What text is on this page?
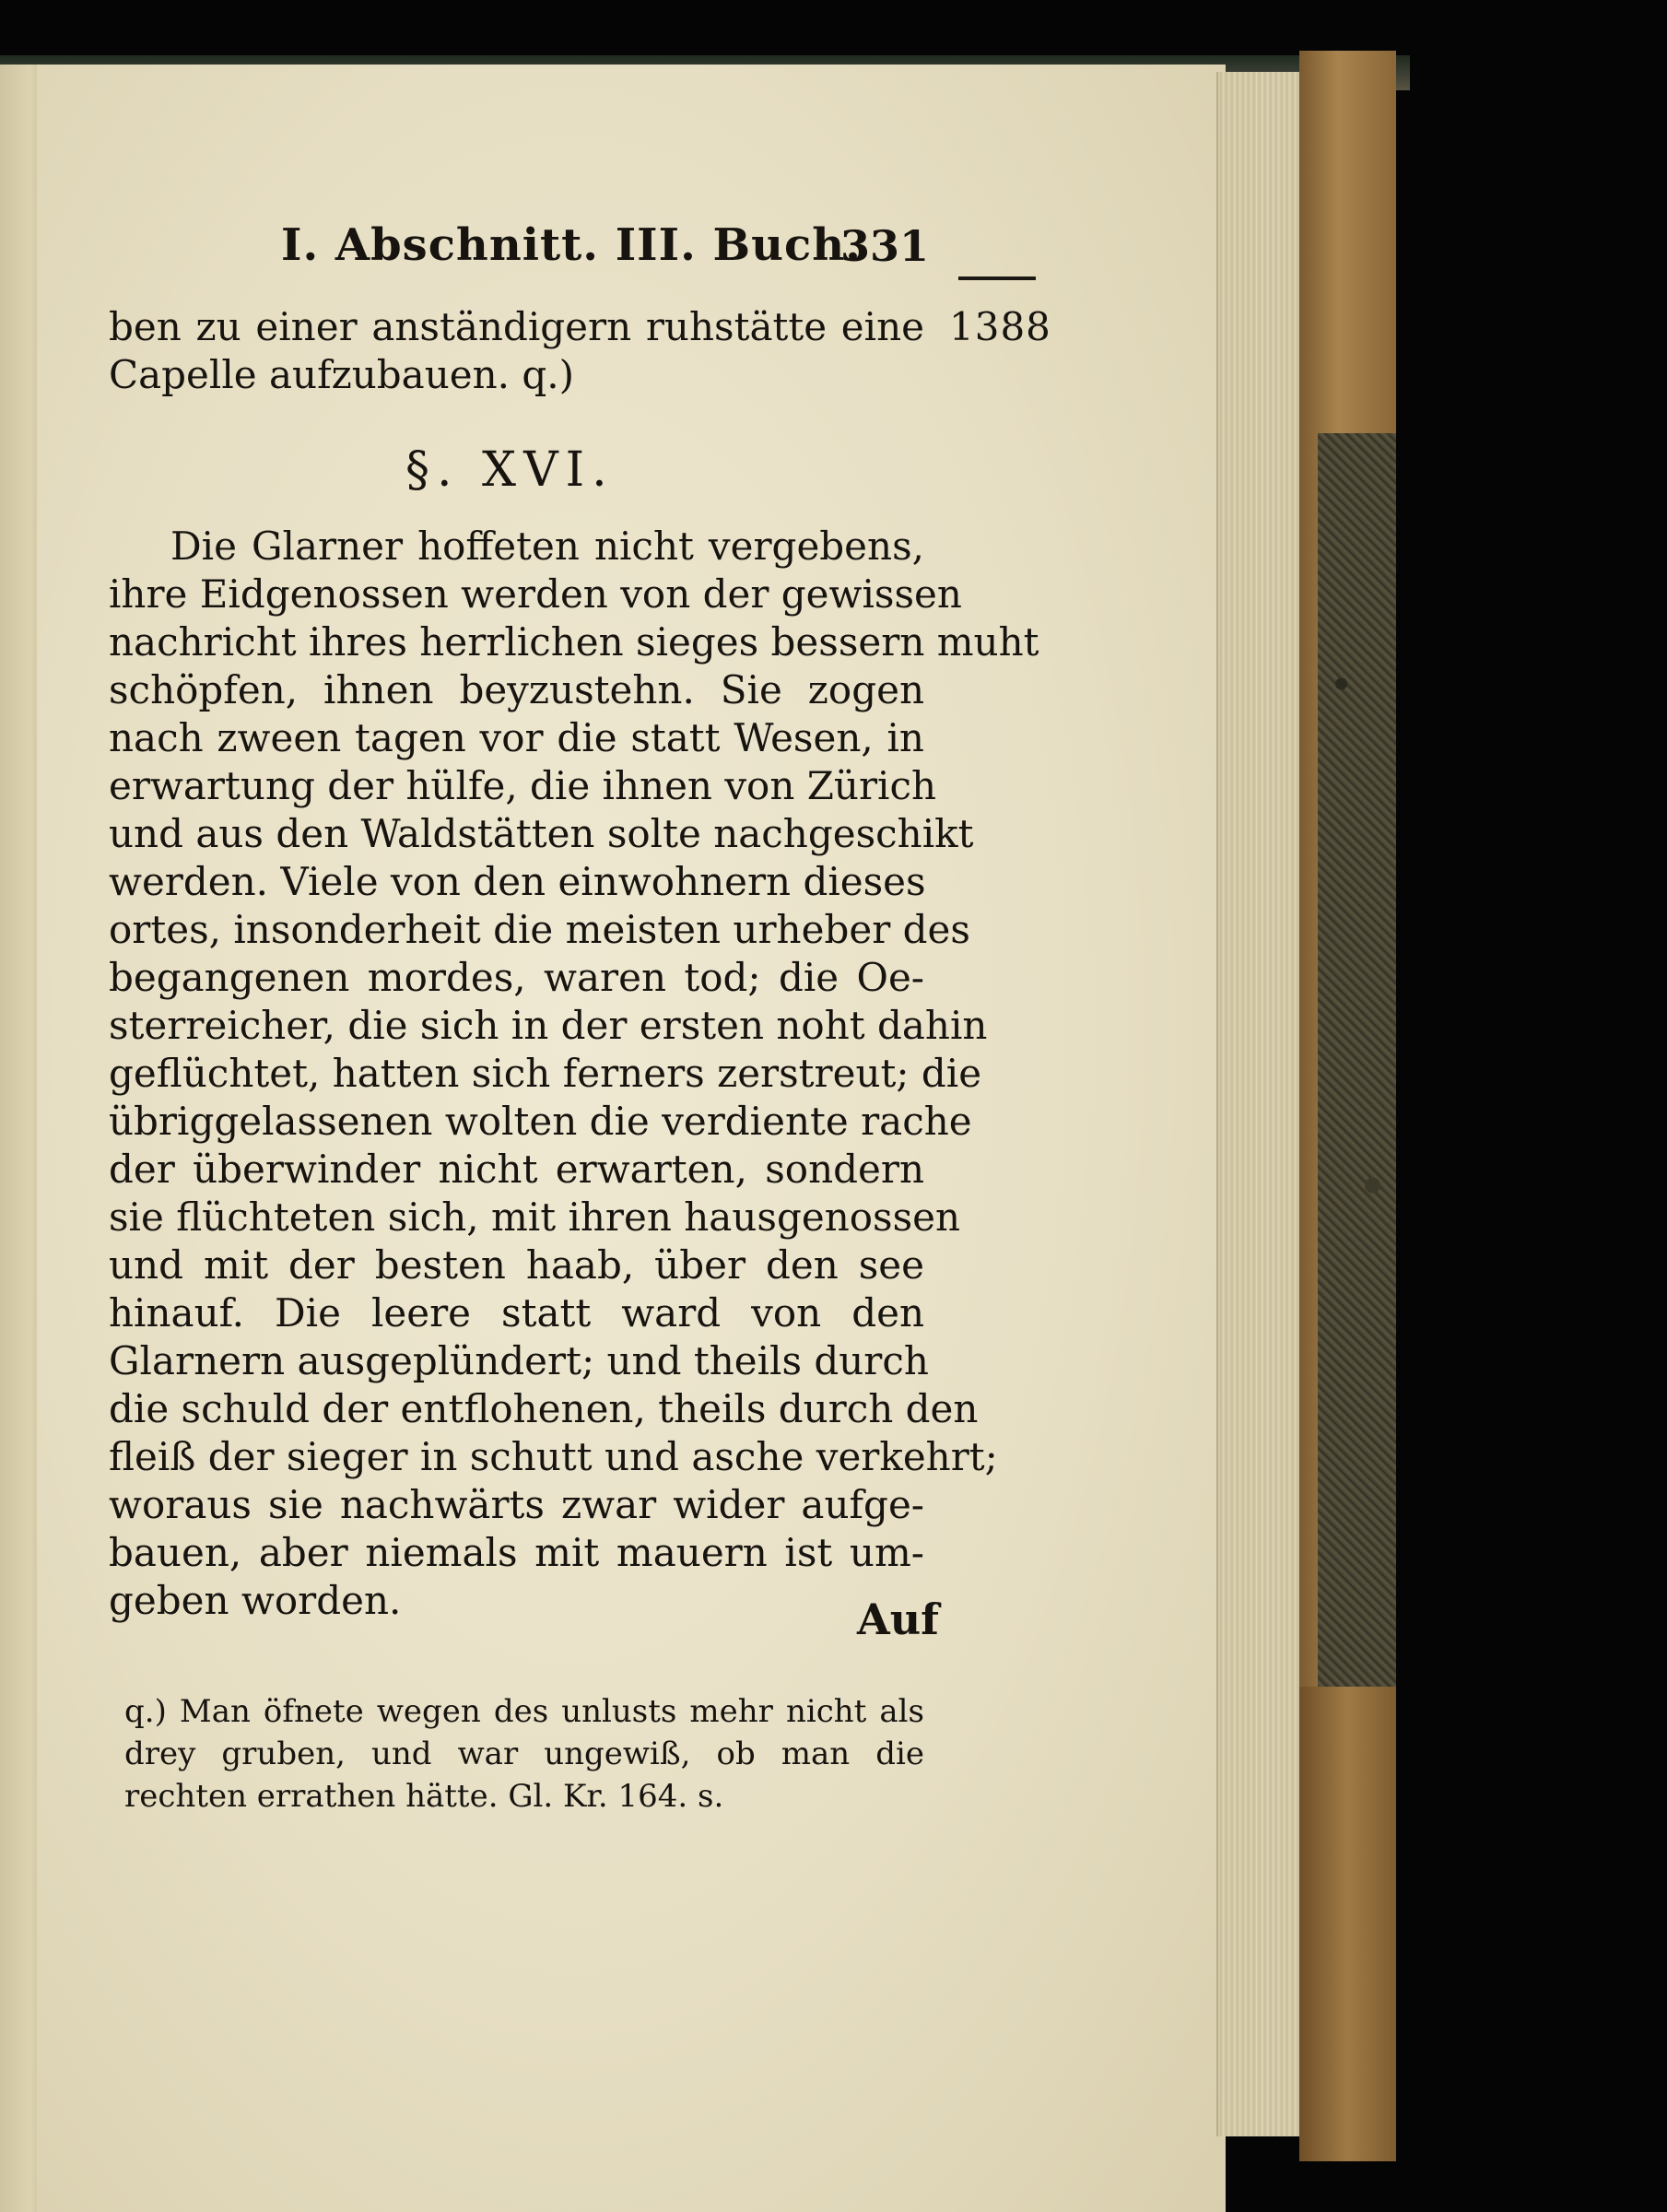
I. Abschnitt. III. Buch.
331
1388
ben zu einer anständigern ruhstätte eine
Capelle aufzubauen. q.)
§. XVI.
Die Glarner hoffeten nicht vergebens,
ihre Eidgenossen werden von der gewissen
nachricht ihres herrlichen sieges bessern muht
schöpfen, ihnen beyzustehn. Sie zogen
nach zween tagen vor die statt Wesen, in
erwartung der hülfe, die ihnen von Zürich
und aus den Waldstätten solte nachgeschikt
werden. Viele von den einwohnern dieses
ortes, insonderheit die meisten urheber des
begangenen mordes, waren tod; die Oe-
sterreicher, die sich in der ersten noht dahin
geflüchtet, hatten sich ferners zerstreut; die
übriggelassenen wolten die verdiente rache
der überwinder nicht erwarten, sondern
sie flüchteten sich, mit ihren hausgenossen
und mit der besten haab, über den see
hinauf. Die leere statt ward von den
Glarnern ausgeplündert; und theils durch
die schuld der entflohenen, theils durch den
fleiß der sieger in schutt und asche verkehrt;
woraus sie nachwärts zwar wider aufge-
bauen, aber niemals mit mauern ist um-
geben worden.	Auf
q.) Man öfnete wegen des unlusts mehr nicht als
drey gruben, und war ungewiß, ob man die
rechten errathen hätte. Gl. Kr. 164. s.
